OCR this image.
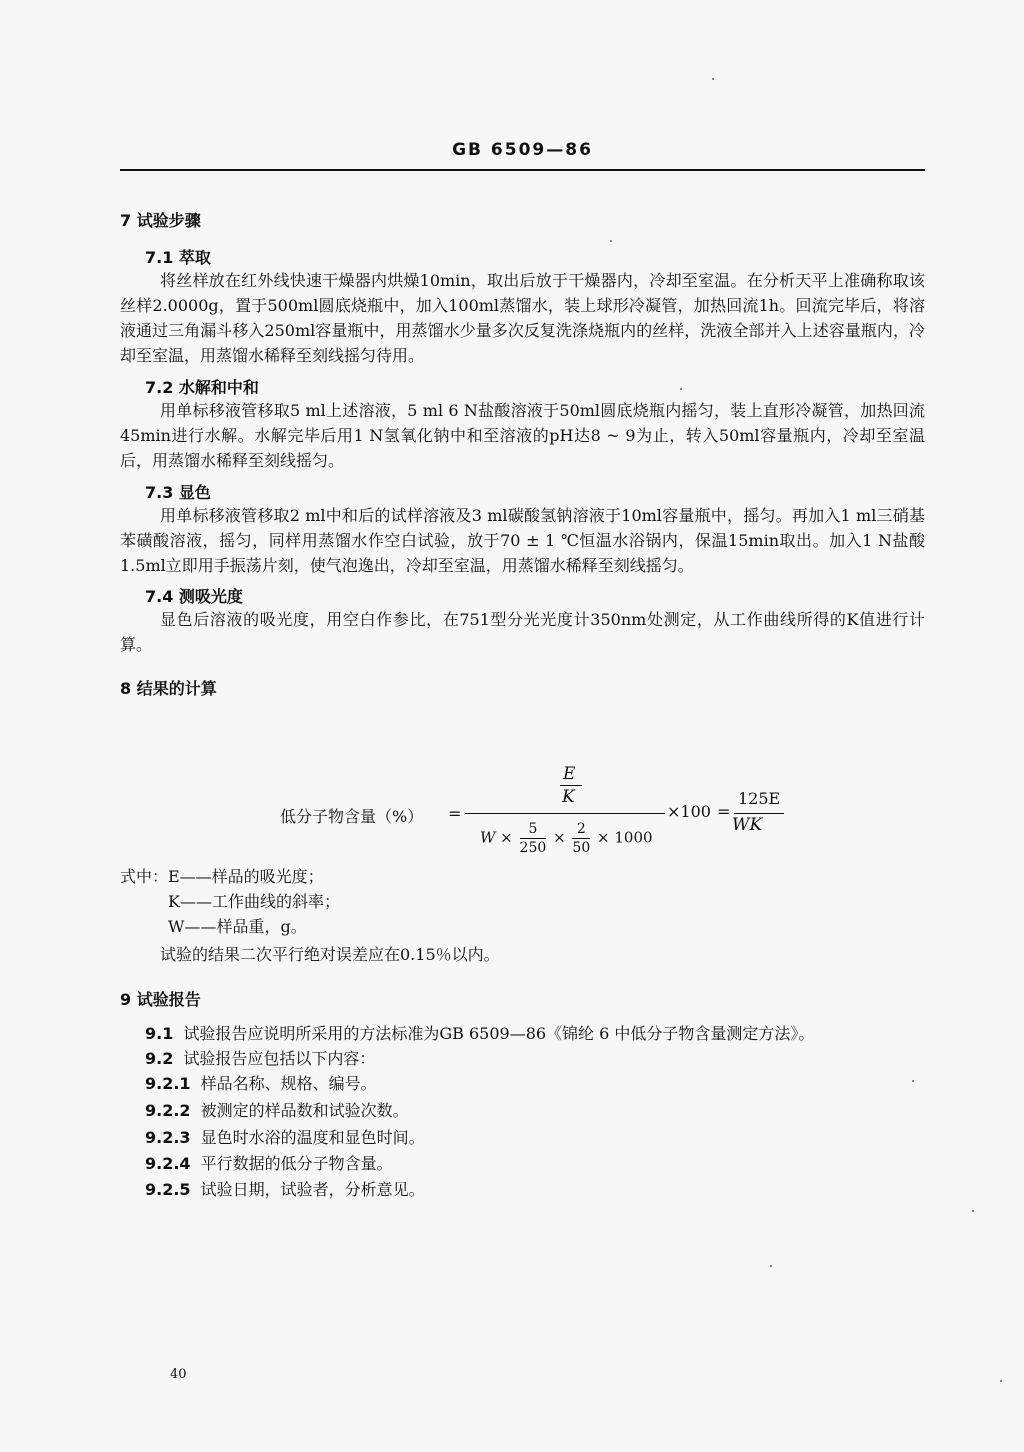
GB 6509—86
7 试验步骤
7.1 萃取
将丝样放在红外线快速干燥器内烘燥10min，取出后放于干燥器内，冷却至室温。在分析天平上准确称取该丝样2.0000g，置于500ml圆底烧瓶中，加入100ml蒸馏水，装上球形冷凝管，加热回流1h。回流完毕后，将溶液通过三角漏斗移入250ml容量瓶中，用蒸馏水少量多次反复洗涤烧瓶内的丝样，洗液全部并入上述容量瓶内，冷却至室温，用蒸馏水稀释至刻线摇匀待用。
7.2 水解和中和
用单标移液管移取5 ml上述溶液，5 ml 6 N盐酸溶液于50ml圆底烧瓶内摇匀，装上直形冷凝管，加热回流45min进行水解。水解完毕后用1 N氢氧化钠中和至溶液的pH达8 ~ 9为止，转入50ml容量瓶内，冷却至室温后，用蒸馏水稀释至刻线摇匀。
7.3 显色
用单标移液管移取2 ml中和后的试样溶液及3 ml碳酸氢钠溶液于10ml容量瓶中，摇匀。再加入1 ml三硝基苯磺酸溶液，摇匀，同样用蒸馏水作空白试验，放于70 ± 1 ℃恒温水浴锅内，保温15min取出。加入1 N盐酸1.5ml立即用手振荡片刻，使气泡逸出，冷却至室温，用蒸馏水稀释至刻线摇匀。
7.4 测吸光度
显色后溶液的吸光度，用空白作参比，在751型分光光度计350nm处测定，从工作曲线所得的K值进行计算。
8 结果的计算
低分子物含量（%） =
E
K
$W \times \frac{5}{250} \times \frac{2}{50} \times 1000$
×100 =
125E
WK
式中： E——样品的吸光度；
K——工作曲线的斜率；
W——样品重，g。
试验的结果二次平行绝对误差应在0.15％以内。
9 试验报告
9.1 试验报告应说明所采用的方法标准为GB 6509—86《锦纶 6 中低分子物含量测定方法》。
9.2 试验报告应包括以下内容：
9.2.1 样品名称、规格、编号。
9.2.2 被测定的样品数和试验次数。
9.2.3 显色时水浴的温度和显色时间。
9.2.4 平行数据的低分子物含量。
9.2.5 试验日期，试验者，分析意见。
40
